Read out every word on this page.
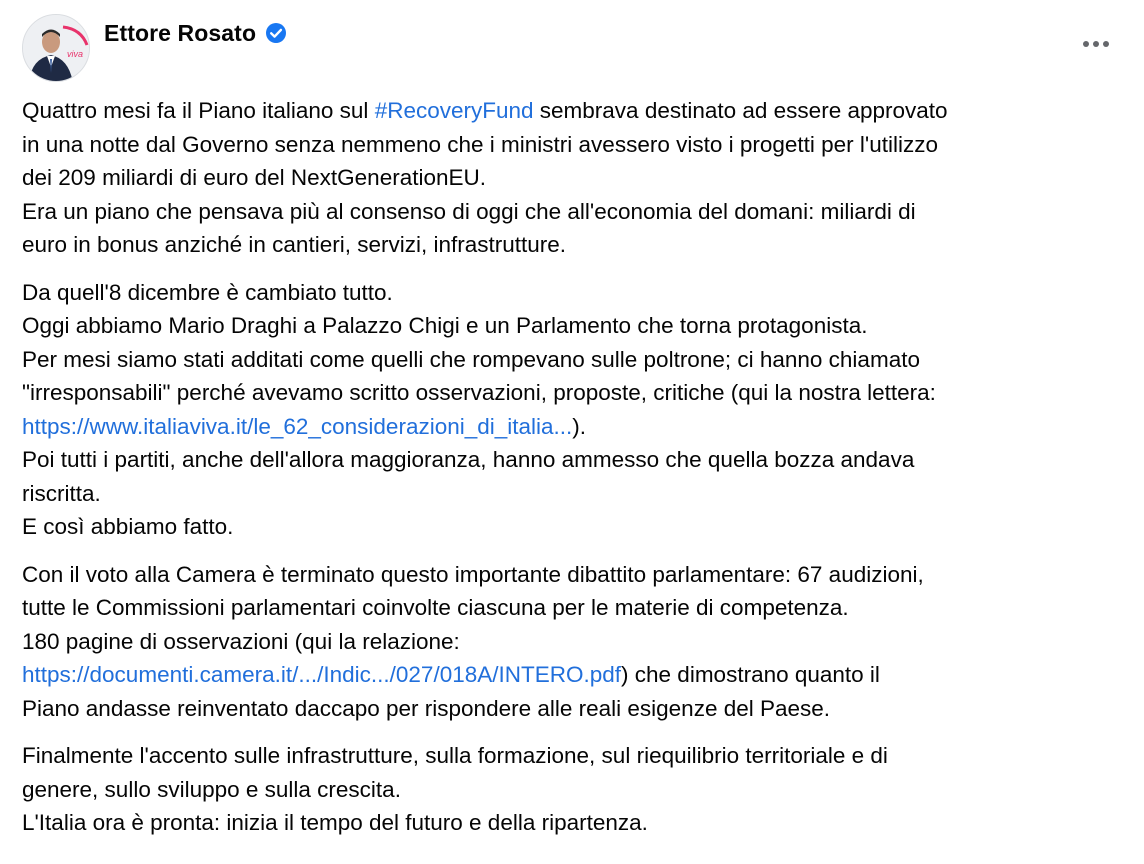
viva
Ettore Rosato
Quattro mesi fa il Piano italiano sul #RecoveryFund sembrava destinato ad essere approvato
in una notte dal Governo senza nemmeno che i ministri avessero visto i progetti per l'utilizzo
dei 209 miliardi di euro del NextGenerationEU.
Era un piano che pensava più al consenso di oggi che all'economia del domani: miliardi di
euro in bonus anziché in cantieri, servizi, infrastrutture.
Da quell'8 dicembre è cambiato tutto.
Oggi abbiamo Mario Draghi a Palazzo Chigi e un Parlamento che torna protagonista.
Per mesi siamo stati additati come quelli che rompevano sulle poltrone; ci hanno chiamato
"irresponsabili" perché avevamo scritto osservazioni, proposte, critiche (qui la nostra lettera:
https://www.italiaviva.it/le_62_considerazioni_di_italia...).
Poi tutti i partiti, anche dell'allora maggioranza, hanno ammesso che quella bozza andava
riscritta.
E così abbiamo fatto.
Con il voto alla Camera è terminato questo importante dibattito parlamentare: 67 audizioni,
tutte le Commissioni parlamentari coinvolte ciascuna per le materie di competenza.
180 pagine di osservazioni (qui la relazione:
https://documenti.camera.it/.../Indic.../027/018A/INTERO.pdf) che dimostrano quanto il
Piano andasse reinventato daccapo per rispondere alle reali esigenze del Paese.
Finalmente l'accento sulle infrastrutture, sulla formazione, sul riequilibrio territoriale e di
genere, sullo sviluppo e sulla crescita.
L'Italia ora è pronta: inizia il tempo del futuro e della ripartenza.
